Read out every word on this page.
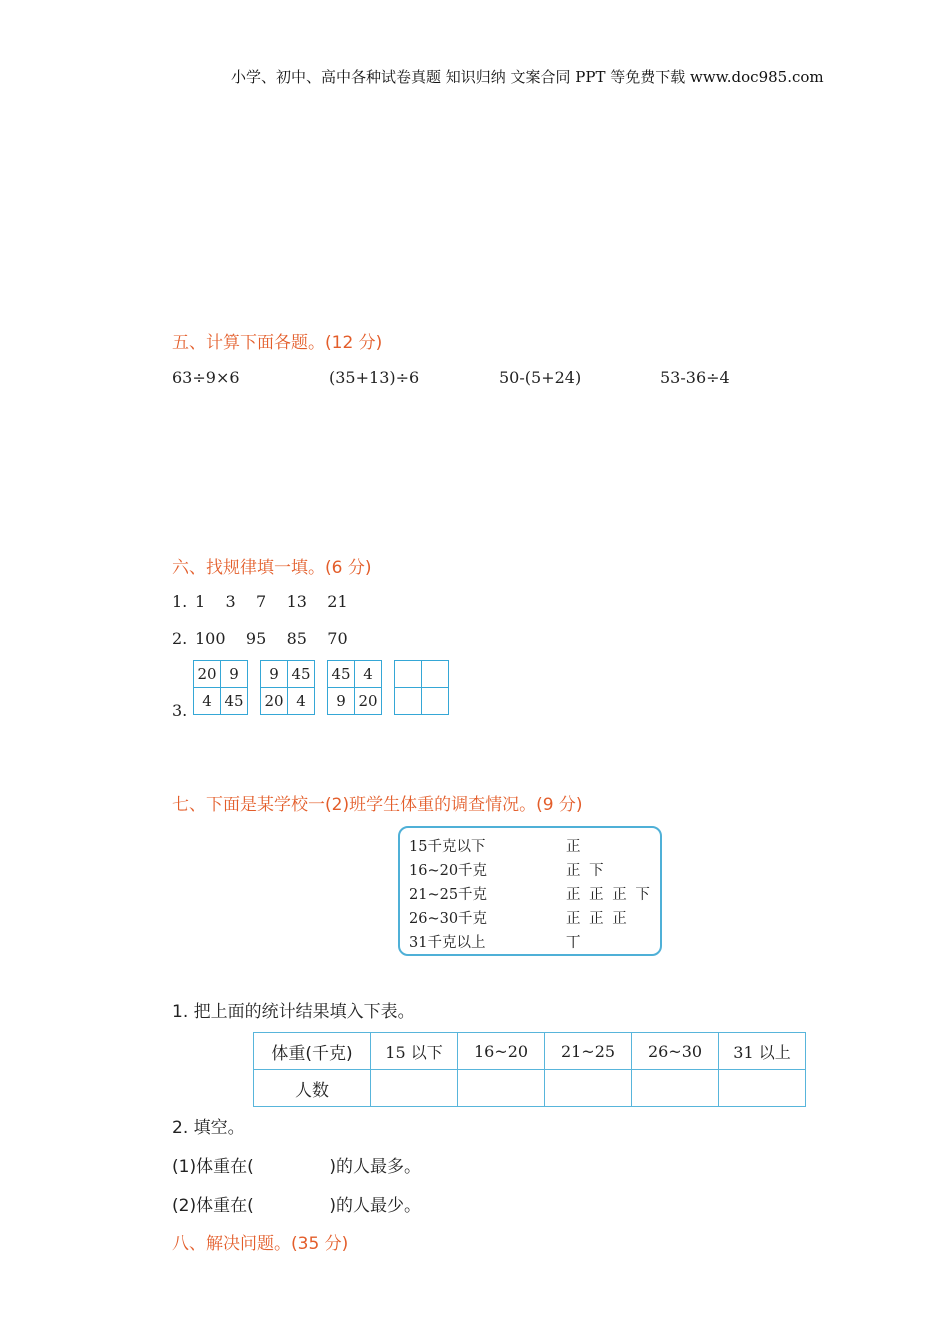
小学、初中、高中各种试卷真题 知识归纳 文案合同 PPT 等免费下载 www.doc985.com
五、计算下面各题。(12 分)
63÷9×6	(35+13)÷6	50-(5+24)	53-36÷4
六、找规律填一填。(6 分)
1. 1    3    7    13    21
2. 100    95    85    70
3.
20 9
4 45
9 45
20 4
45 4
9 20
七、下面是某学校一(2)班学生体重的调查情况。(9 分)
15千克以下	正
16~20千克	正 下
21~25千克	正 正 正 下
26~30千克	正 正 正
31千克以上	丅
1. 把上面的统计结果填入下表。
体重(千克)	15 以下	16~20	21~25	26~30	31 以上
人数					
2. 填空。
(1)体重在(              )的人最多。
(2)体重在(              )的人最少。
八、解决问题。(35 分)
